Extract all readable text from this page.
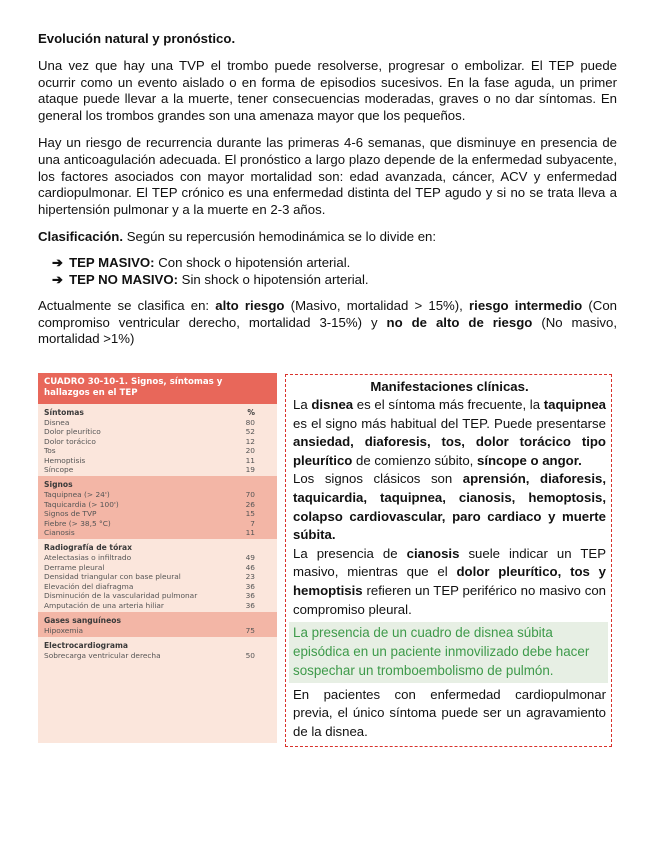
Evolución natural y pronóstico.

Una vez que hay una TVP el trombo puede resolverse, progresar o embolizar. El TEP puede ocurrir como un evento aislado o en forma de episodios sucesivos. En la fase aguda, un primer ataque puede llevar a la muerte, tener consecuencias moderadas, graves o no dar síntomas. En general los trombos grandes son una amenaza mayor que los pequeños.

Hay un riesgo de recurrencia durante las primeras 4-6 semanas, que disminuye en presencia de una anticoagulación adecuada. El pronóstico a largo plazo depende de la enfermedad subyacente, los factores asociados con mayor mortalidad son: edad avanzada, cáncer, ACV y enfermedad cardiopulmonar. El TEP crónico es una enfermedad distinta del TEP agudo y si no se trata lleva a hipertensión pulmonar y a la muerte en 2-3 años.

Clasificación. Según su repercusión hemodinámica se lo divide en:

➔ TEP MASIVO: Con shock o hipotensión arterial.
➔ TEP NO MASIVO: Sin shock o hipotensión arterial.

Actualmente se clasifica en: alto riesgo (Masivo, mortalidad > 15%), riesgo intermedio (Con compromiso ventricular derecho, mortalidad 3-15%) y no de alto de riesgo (No masivo, mortalidad >1%)

CUADRO 30-10-1. Signos, síntomas y hallazgos en el TEP
Síntomas	%
Disnea	80
Dolor pleurítico	52
Dolor torácico	12
Tos	20
Hemoptisis	11
Síncope	19
Signos
Taquipnea (> 24')	70
Taquicardia (> 100')	26
Signos de TVP	15
Fiebre (> 38,5 °C)	7
Cianosis	11
Radiografía de tórax
Atelectasias o infiltrado	49
Derrame pleural	46
Densidad triangular con base pleural	23
Elevación del diafragma	36
Disminución de la vascularidad pulmonar	36
Amputación de una arteria hiliar	36
Gases sanguíneos
Hipoxemia	75
Electrocardiograma
Sobrecarga ventricular derecha	50
Manifestaciones clínicas.

La disnea es el síntoma más frecuente, la taquipnea es el signo más habitual del TEP. Puede presentarse ansiedad, diaforesis, tos, dolor torácico tipo pleurítico de comienzo súbito, síncope o angor.

Los signos clásicos son aprensión, diaforesis, taquicardia, taquipnea, cianosis, hemoptosis, colapso cardiovascular, paro cardiaco y muerte súbita.

La presencia de cianosis suele indicar un TEP masivo, mientras que el dolor pleurítico, tos y hemoptisis refieren un TEP periférico no masivo con compromiso pleural.

La presencia de un cuadro de disnea súbita episódica en un paciente inmovilizado debe hacer sospechar un tromboembolismo de pulmón.

En pacientes con enfermedad cardiopulmonar previa, el único síntoma puede ser un agravamiento de la disnea.
